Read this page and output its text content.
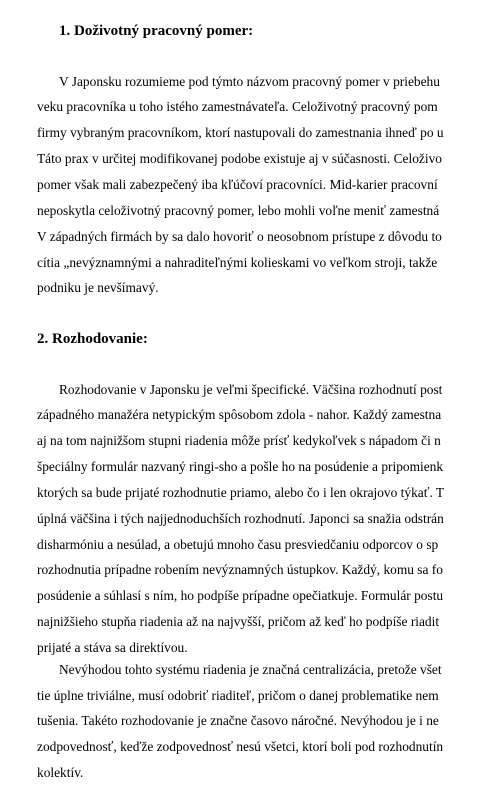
1. Doživotný pracovný pomer:
V Japonsku rozumieme pod týmto názvom pracovný pomer v priebehu
veku pracovníka u toho istého zamestnávateľa. Celoživotný pracovný pom
firmy vybraným pracovníkom, ktorí nastupovali do zamestnania ihneď po u
Táto prax v určitej modifikovanej podobe existuje aj v súčasnosti. Celoživo
pomer však mali zabezpečený iba kľúčoví pracovníci. Mid-karier pracovní
neposkytla celoživotný pracovný pomer, lebo mohli voľne meniť zamestná
V západných firmách by sa dalo hovoriť o neosobnom prístupe z dôvodu to
cítia „nevýznamnými a nahraditeľnými kolieskami vo veľkom stroji, takže
podniku je nevšímavý.
2. Rozhodovanie:
Rozhodovanie v Japonsku je veľmi špecifické. Väčšina rozhodnutí post
západného manažéra netypickým spôsobom zdola - nahor. Každý zamestna
aj na tom najnižšom stupni riadenia môže prísť kedykoľvek s nápadom či n
špeciálny formulár nazvaný ringi-sho a pošle ho na posúdenie a pripomienk
ktorých sa bude prijaté rozhodnutie priamo, alebo čo i len okrajovo týkať. T
úplná väčšina i tých najjednoduchších rozhodnutí. Japonci sa snažia odstrán
disharmóniu a nesúlad, a obetujú mnoho času presviedčaniu odporcov o sp
rozhodnutia prípadne robením nevýznamných ústupkov. Každý, komu sa fo
posúdenie a súhlasí s ním, ho podpíše prípadne opečiatkuje. Formulár postu
najnižšieho stupňa riadenia až na najvyšší, pričom až keď ho podpíše riadit
prijaté a stáva sa direktívou.
Nevýhodou tohto systému riadenia je značná centralizácia, pretože všet
tie úplne triviálne, musí odobriť riaditeľ, pričom o danej problematike nem
tušenia. Takéto rozhodovanie je značne časovo náročné. Nevýhodou je i ne
zodpovednosť, keďže zodpovednosť nesú všetci, ktorí boli pod rozhodnutín
kolektív.
